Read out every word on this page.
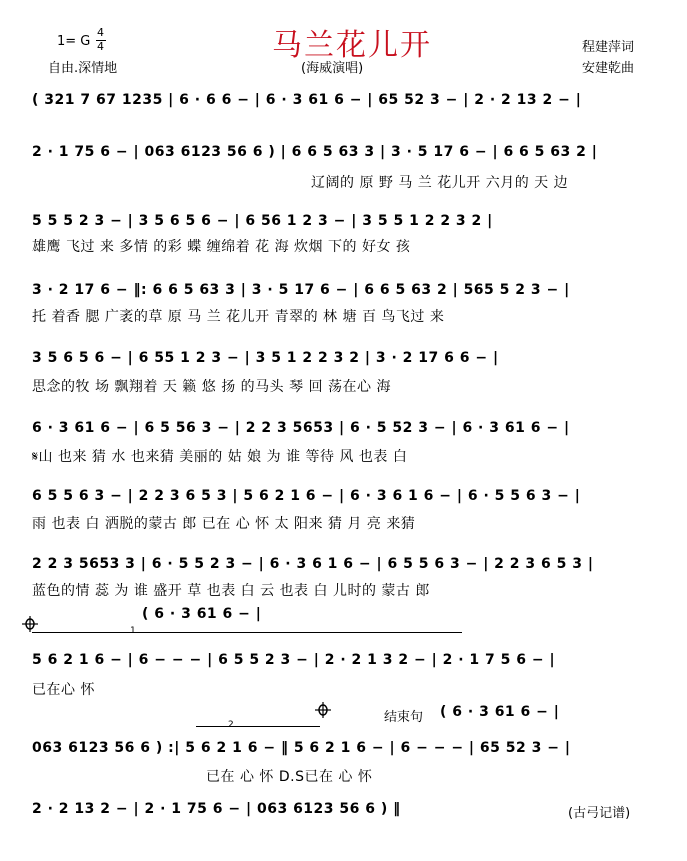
马兰花儿开
1= G
4
4
自由.深情地	(海威演唱)
程建萍词
安建乾曲
( 321 7 67 1235 | 6 · 6 6 − | 6 · 3 61 6 − | 65 52 3 − | 2 · 2 13 2 − |
2 · 1 75 6 − | 063 6123 56 6 ) | 6 6 5 63 3 | 3 · 5 17 6 − | 6 6 5 63 2 |
辽阔的 原 野 马 兰 花儿开 六月的 天 边
5 5 5 2 3 − | 3 5 6 5 6 − | 6 56 1 2 3 − | 3 5 5 1 2 2 3 2 |
雄鹰 飞过 来 多情 的彩 蝶 缠绵着 花 海 炊烟 下的 好女 孩
3 · 2 17 6 − ‖: 6 6 5 63 3 | 3 · 5 17 6 − | 6 6 5 63 2 | 565 5 2 3 − |
托 着香 腮 广袤的草 原 马 兰 花儿开 青翠的 林 塘 百 鸟飞过 来
3 5 6 5 6 − | 6 55 1 2 3 − | 3 5 1 2 2 3 2 | 3 · 2 17 6 6 − |
思念的牧 场 飘翔着 天 籁 悠 扬 的马头 琴 回 荡在心 海
6 · 3 61 6 − | 6 5 56 3 − | 2 2 3 5653 | 6 · 5 52 3 − | 6 · 3 61 6 − |
𝄋山 也来 猜 水 也来猜 美丽的 姑 娘 为 谁 等待 风 也表 白
6 5 5 6 3 − | 2 2 3 6 5 3 | 5 6 2 1 6 − | 6 · 3 6 1 6 − | 6 · 5 5 6 3 − |
雨 也表 白 洒脱的蒙古 郎 已在 心 怀 太 阳来 猜 月 亮 来猜
2 2 3 5653 3 | 6 · 5 5 2 3 − | 6 · 3 6 1 6 − | 6 5 5 6 3 − | 2 2 3 6 5 3 |
蓝色的情 蕊 为 谁 盛开 草 也表 白 云 也表 白 儿时的 蒙古 郎
( 6 · 3 61 6 − |
1
5 6 2 1 6 − | 6 − − − | 6 5 5 2 3 − | 2 · 2 1 3 2 − | 2 · 1 7 5 6 − |
已在心 怀
结束句 ( 6 · 3 61 6 − |
2
063 6123 56 6 ) :| 5 6 2 1 6 − ‖ 5 6 2 1 6 − | 6 − − − | 65 52 3 − |
已在 心 怀 D.S已在 心 怀
2 · 2 13 2 − | 2 · 1 75 6 − | 063 6123 56 6 ) ‖	(古弓记谱)
